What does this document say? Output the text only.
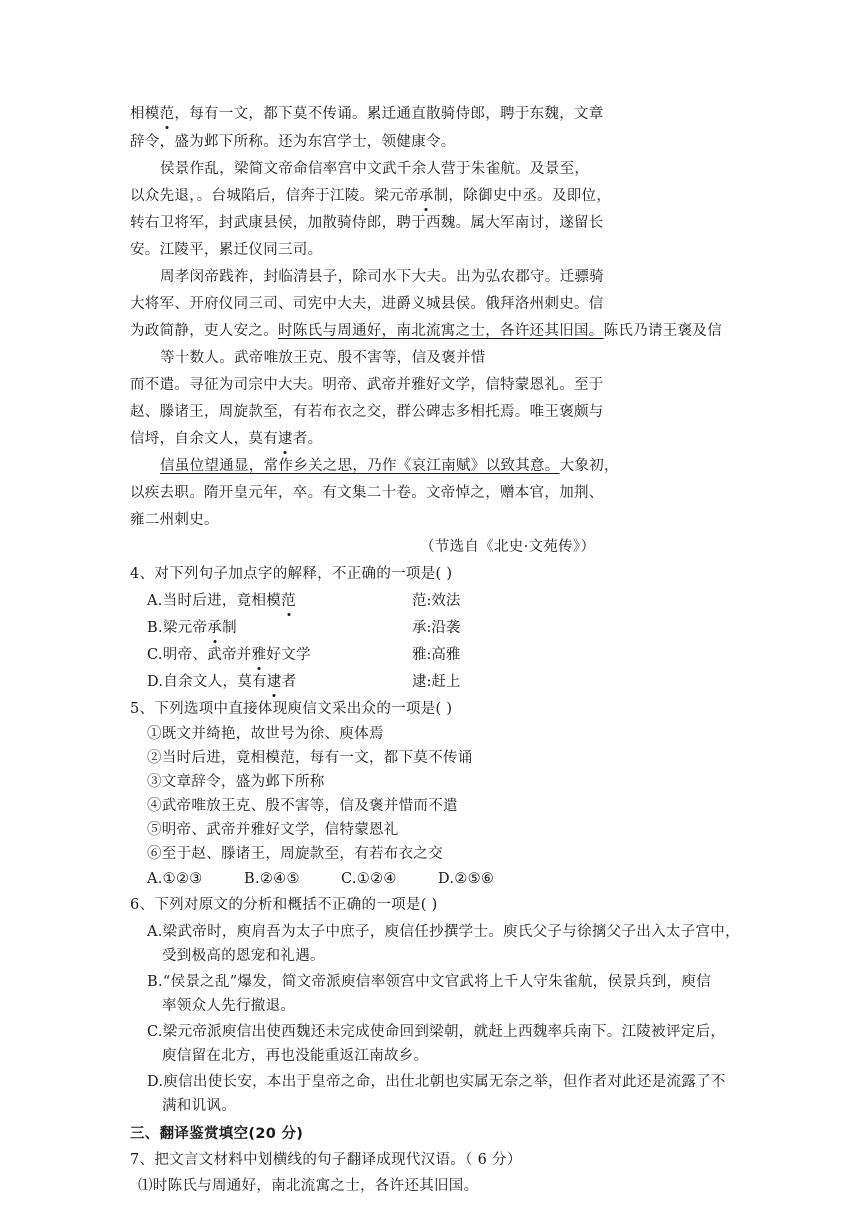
相模范，每有一文，都下莫不传诵。累迁通直散骑侍郎，聘于东魏，文章
辞令，盛为邺下所称。还为东宫学士，领健康令。
侯景作乱，梁简文帝命信率宫中文武千余人营于朱雀航。及景至，
以众先退，。台城陷后，信奔于江陵。梁元帝承制，除御史中丞。及即位，
转右卫将军，封武康县侯，加散骑侍郎，聘于西魏。属大军南讨，遂留长
安。江陵平，累迁仪同三司。
周孝闵帝践祚，封临清县子，除司水下大夫。出为弘农郡守。迁骠骑
大将军、开府仪同三司、司宪中大夫，进爵义城县侯。俄拜洛州刺史。信
为政简静，吏人安之。时陈氏与周通好，南北流寓之士，各许还其旧国。陈氏乃请王褒及信
等十数人。武帝唯放王克、殷不害等，信及褒并惜
而不遣。寻征为司宗中大夫。明帝、武帝并雅好文学，信特蒙恩礼。至于
赵、滕诸王，周旋款至，有若布衣之交，群公碑志多相托焉。唯王褒颇与
信埒，自余文人，莫有逮者。
信虽位望通显，常作乡关之思，乃作《哀江南赋》以致其意。大象初，
以疾去职。隋开皇元年，卒。有文集二十卷。文帝悼之，赠本官，加荆、
雍二州刺史。
（节选自《北史·文苑传》）
4、对下列句子加点字的解释，不正确的一项是( )
A.当时后进，竟相模范	范:效法
B.梁元帝承制	承:沿袭
C.明帝、武帝并雅好文学	雅:高雅
D.自余文人，莫有逮者	逮:赶上
5、下列选项中直接体现庾信文采出众的一项是( )
①既文并绮艳，故世号为徐、庾体焉
②当时后进，竟相模范，每有一文，都下莫不传诵
③文章辞令，盛为邺下所称
④武帝唯放王克、殷不害等，信及褒并惜而不遣
⑤明帝、武帝并雅好文学，信特蒙恩礼
⑥至于赵、滕诸王，周旋款至，有若布衣之交
A.①②③	B.②④⑤	C.①②④	D.②⑤⑥
6、下列对原文的分析和概括不正确的一项是( )
A.梁武帝时，庾肩吾为太子中庶子，庾信任抄撰学士。庾氏父子与徐摛父子出入太子宫中，
受到极高的恩宠和礼遇。
B.“侯景之乱”爆发，简文帝派庾信率领宫中文官武将上千人守朱雀航，侯景兵到，庾信
率领众人先行撤退。
C.梁元帝派庾信出使西魏还未完成使命回到梁朝，就赶上西魏率兵南下。江陵被评定后，
庾信留在北方，再也没能重返江南故乡。
D.庾信出使长安，本出于皇帝之命，出仕北朝也实属无奈之举，但作者对此还是流露了不
满和讥讽。
三、翻译鉴赏填空(20 分)
7、把文言文材料中划横线的句子翻译成现代汉语。（ 6 分）
⑴时陈氏与周通好，南北流寓之士，各许还其旧国。
